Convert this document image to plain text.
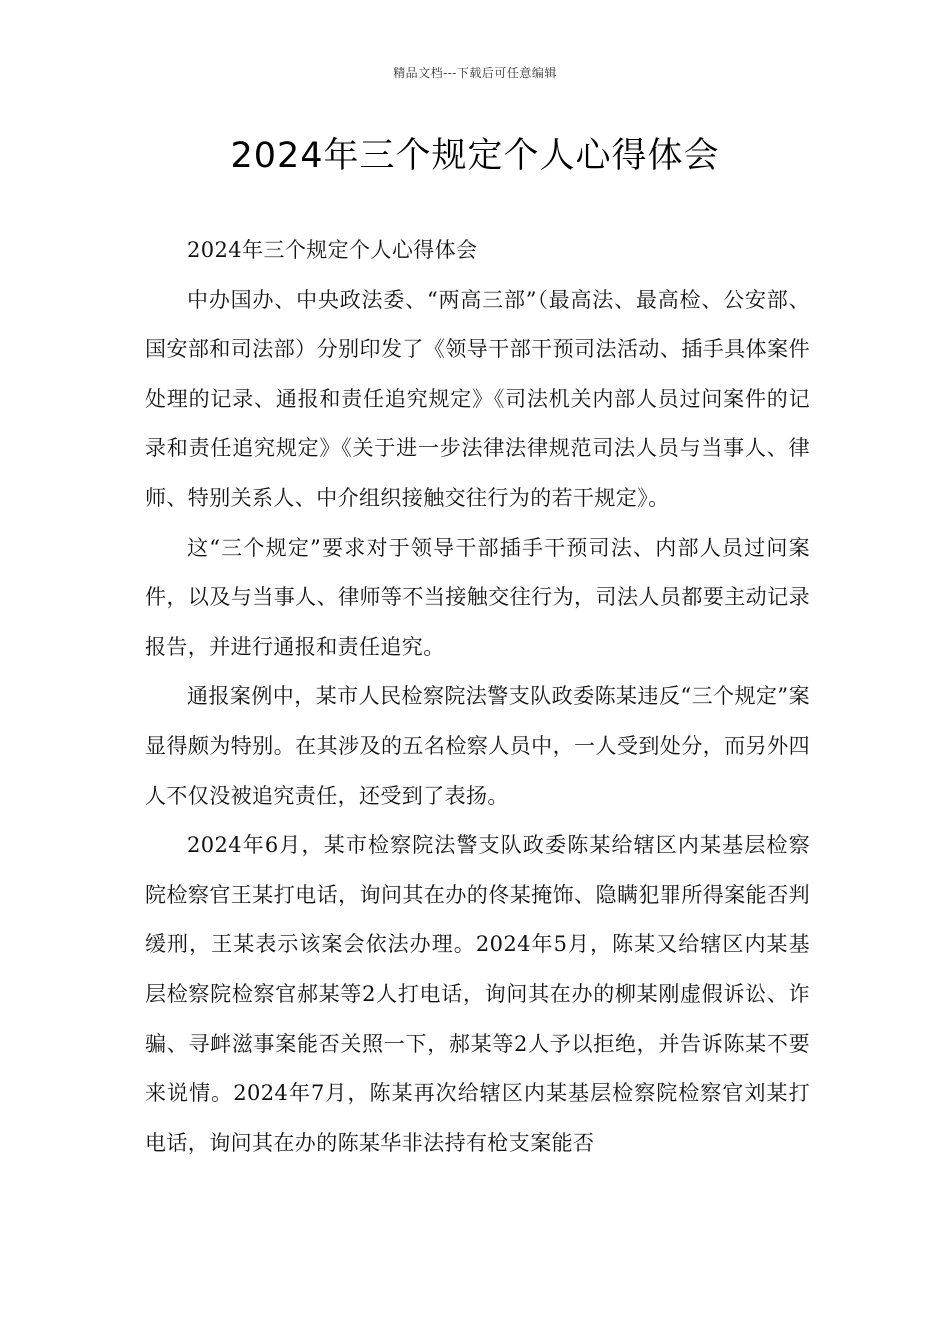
精品文档---下载后可任意编辑
2024年三个规定个人心得体会

2024年三个规定个人心得体会

中办国办、中央政法委、“两高三部”（最高法、最高检、公安部、国安部和司法部）分别印发了《领导干部干预司法活动、插手具体案件处理的记录、通报和责任追究规定》《司法机关内部人员过问案件的记录和责任追究规定》《关于进一步法律法律规范司法人员与当事人、律师、特别关系人、中介组织接触交往行为的若干规定》。

这“三个规定”要求对于领导干部插手干预司法、内部人员过问案件，以及与当事人、律师等不当接触交往行为，司法人员都要主动记录报告，并进行通报和责任追究。

通报案例中，某市人民检察院法警支队政委陈某违反“三个规定”案显得颇为特别。在其涉及的五名检察人员中，一人受到处分，而另外四人不仅没被追究责任，还受到了表扬。

2024年6月，某市检察院法警支队政委陈某给辖区内某基层检察院检察官王某打电话，询问其在办的佟某掩饰、隐瞒犯罪所得案能否判缓刑，王某表示该案会依法办理。2024年5月，陈某又给辖区内某基层检察院检察官郝某等2人打电话，询问其在办的柳某刚虚假诉讼、诈骗、寻衅滋事案能否关照一下，郝某等2人予以拒绝，并告诉陈某不要来说情。2024年7月，陈某再次给辖区内某基层检察院检察官刘某打电话，询问其在办的陈某华非法持有枪支案能否
